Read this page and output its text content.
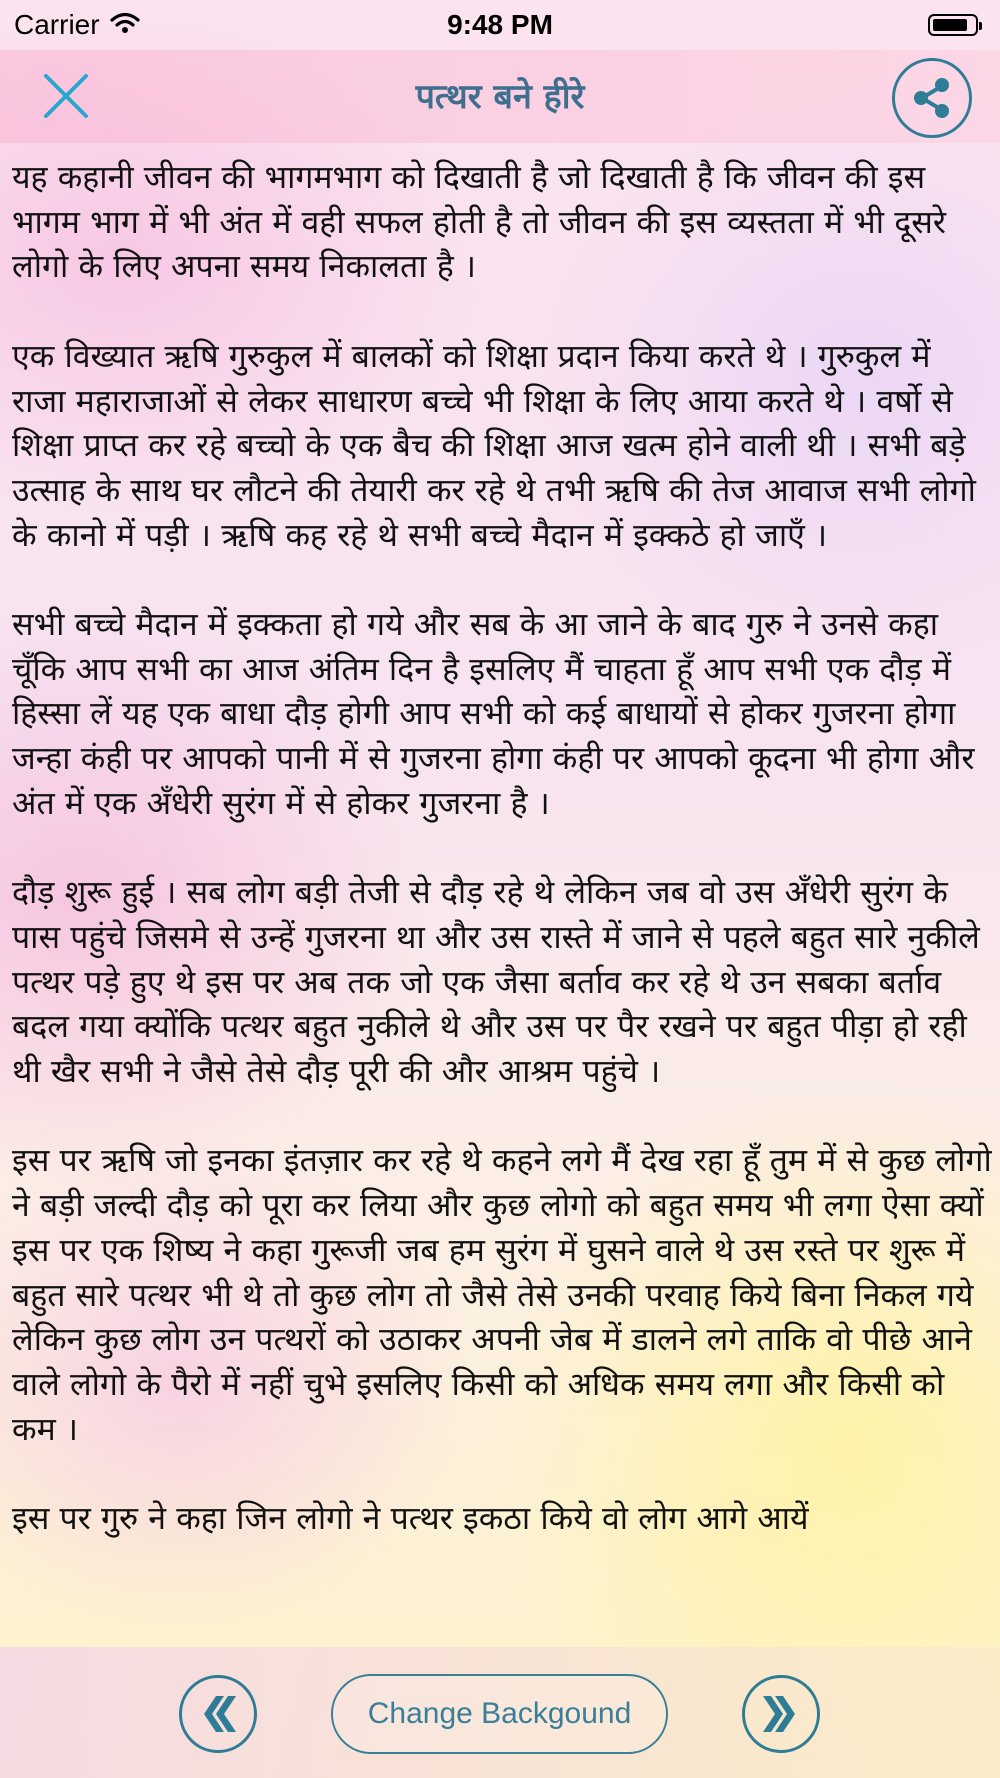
Carrier	9:48 PM
पत्थर बने हीरे

यह कहानी जीवन की भागमभाग को दिखाती है जो दिखाती है कि जीवन की इस भागम भाग में भी अंत में वही सफल होती है तो जीवन की इस व्यस्तता में भी दूसरे लोगो के लिए अपना समय निकालता है ।

एक विख्यात ऋषि गुरुकुल में बालकों को शिक्षा प्रदान किया करते थे । गुरुकुल में राजा महाराजाओं से लेकर साधारण बच्चे भी शिक्षा के लिए आया करते थे । वर्षो से शिक्षा प्राप्त कर रहे बच्चो के एक बैच की शिक्षा आज खत्म होने वाली थी । सभी बड़े उत्साह के साथ घर लौटने की तेयारी कर रहे थे तभी ऋषि की तेज आवाज सभी लोगो के कानो में पड़ी । ऋषि कह रहे थे सभी बच्चे मैदान में इक्कठे हो जाएँ ।

सभी बच्चे मैदान में इक्कता हो गये और सब के आ जाने के बाद गुरु ने उनसे कहा चूँकि आप सभी का आज अंतिम दिन है इसलिए मैं चाहता हूँ आप सभी एक दौड़ में हिस्सा लें यह एक बाधा दौड़ होगी आप सभी को कई बाधायों से होकर गुजरना होगा जन्हा कंही पर आपको पानी में से गुजरना होगा कंही पर आपको कूदना भी होगा और अंत में एक अँधेरी सुरंग में से होकर गुजरना है ।

दौड़ शुरू हुई । सब लोग बड़ी तेजी से दौड़ रहे थे लेकिन जब वो उस अँधेरी सुरंग के पास पहुंचे जिसमे से उन्हें गुजरना था और उस रास्ते में जाने से पहले बहुत सारे नुकीले पत्थर पड़े हुए थे इस पर अब तक जो एक जैसा बर्ताव कर रहे थे उन सबका बर्ताव बदल गया क्योंकि पत्थर बहुत नुकीले थे और उस पर पैर रखने पर बहुत पीड़ा हो रही थी खैर सभी ने जैसे तेसे दौड़ पूरी की और आश्रम पहुंचे ।

इस पर ऋषि जो इनका इंतज़ार कर रहे थे कहने लगे मैं देख रहा हूँ तुम में से कुछ लोगो ने बड़ी जल्दी दौड़ को पूरा कर लिया और कुछ लोगो को बहुत समय भी लगा ऐसा क्यों इस पर एक शिष्य ने कहा गुरूजी जब हम सुरंग में घुसने वाले थे उस रस्ते पर शुरू में बहुत सारे पत्थर भी थे तो कुछ लोग तो जैसे तेसे उनकी परवाह किये बिना निकल गये लेकिन कुछ लोग उन पत्थरों को उठाकर अपनी जेब में डालने लगे ताकि वो पीछे आने वाले लोगो के पैरो में नहीं चुभे इसलिए किसी को अधिक समय लगा और किसी को कम ।

इस पर गुरु ने कहा जिन लोगो ने पत्थर इकठा किये वो लोग आगे आयें

Change Backgound
